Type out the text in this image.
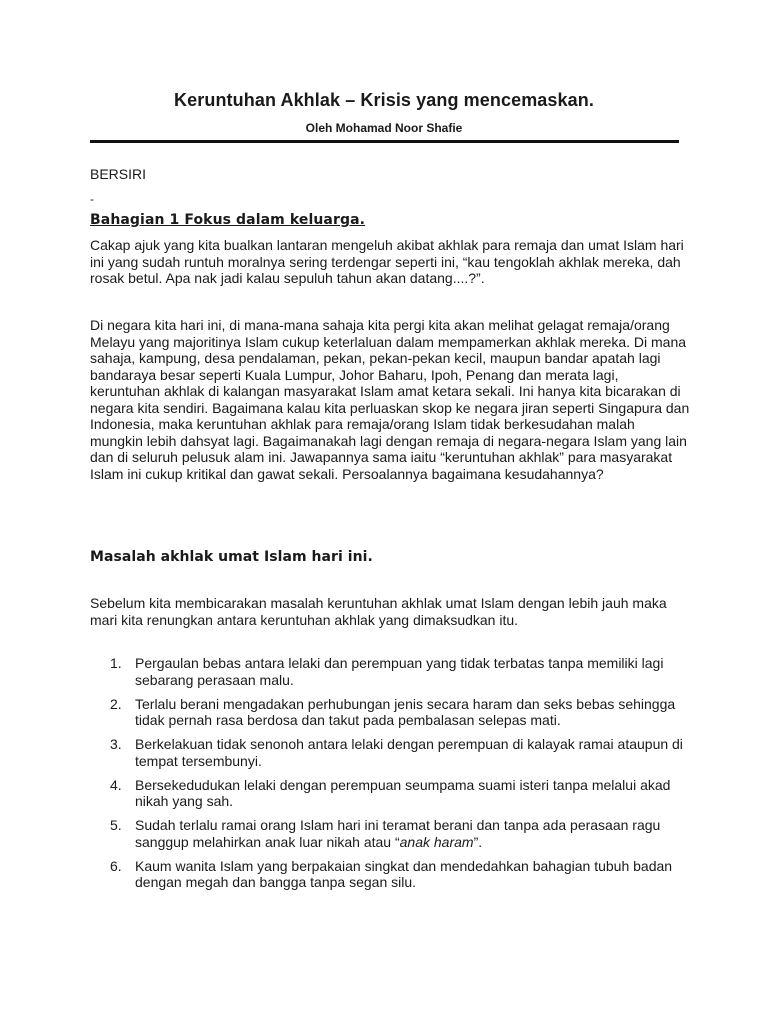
Keruntuhan Akhlak – Krisis yang mencemaskan.
Oleh Mohamad Noor Shafie
BERSIRI
-
Bahagian 1 Fokus dalam keluarga.

Cakap ajuk yang kita bualkan lantaran mengeluh akibat akhlak para remaja dan umat Islam hari ini yang sudah runtuh moralnya sering terdengar seperti ini, “kau tengoklah akhlak mereka, dah rosak betul. Apa nak jadi kalau sepuluh tahun akan datang....?”.

Di negara kita hari ini, di mana-mana sahaja kita pergi kita akan melihat gelagat remaja/orang Melayu yang majoritinya Islam cukup keterlaluan dalam mempamerkan akhlak mereka. Di mana sahaja, kampung, desa pendalaman, pekan, pekan-pekan kecil, maupun bandar apatah lagi bandaraya besar seperti Kuala Lumpur, Johor Baharu, Ipoh, Penang dan merata lagi, keruntuhan akhlak di kalangan masyarakat Islam amat ketara sekali. Ini hanya kita bicarakan di negara kita sendiri. Bagaimana kalau kita perluaskan skop ke negara jiran seperti Singapura dan Indonesia, maka keruntuhan akhlak para remaja/orang Islam tidak berkesudahan malah mungkin lebih dahsyat lagi. Bagaimanakah lagi dengan remaja di negara-negara Islam yang lain dan di seluruh pelusuk alam ini. Jawapannya sama iaitu “keruntuhan akhlak” para masyarakat Islam ini cukup kritikal dan gawat sekali. Persoalannya bagaimana kesudahannya?

Masalah akhlak umat Islam hari ini.

Sebelum kita membicarakan masalah keruntuhan akhlak umat Islam dengan lebih jauh maka mari kita renungkan antara keruntuhan akhlak yang dimaksudkan itu.

1. Pergaulan bebas antara lelaki dan perempuan yang tidak terbatas tanpa memiliki lagi sebarang perasaan malu.
2. Terlalu berani mengadakan perhubungan jenis secara haram dan seks bebas sehingga tidak pernah rasa berdosa dan takut pada pembalasan selepas mati.
3. Berkelakuan tidak senonoh antara lelaki dengan perempuan di kalayak ramai ataupun di tempat tersembunyi.
4. Bersekedudukan lelaki dengan perempuan seumpama suami isteri tanpa melalui akad nikah yang sah.
5. Sudah terlalu ramai orang Islam hari ini teramat berani dan tanpa ada perasaan ragu sanggup melahirkan anak luar nikah atau “anak haram”.
6. Kaum wanita Islam yang berpakaian singkat dan mendedahkan bahagian tubuh badan dengan megah dan bangga tanpa segan silu.
